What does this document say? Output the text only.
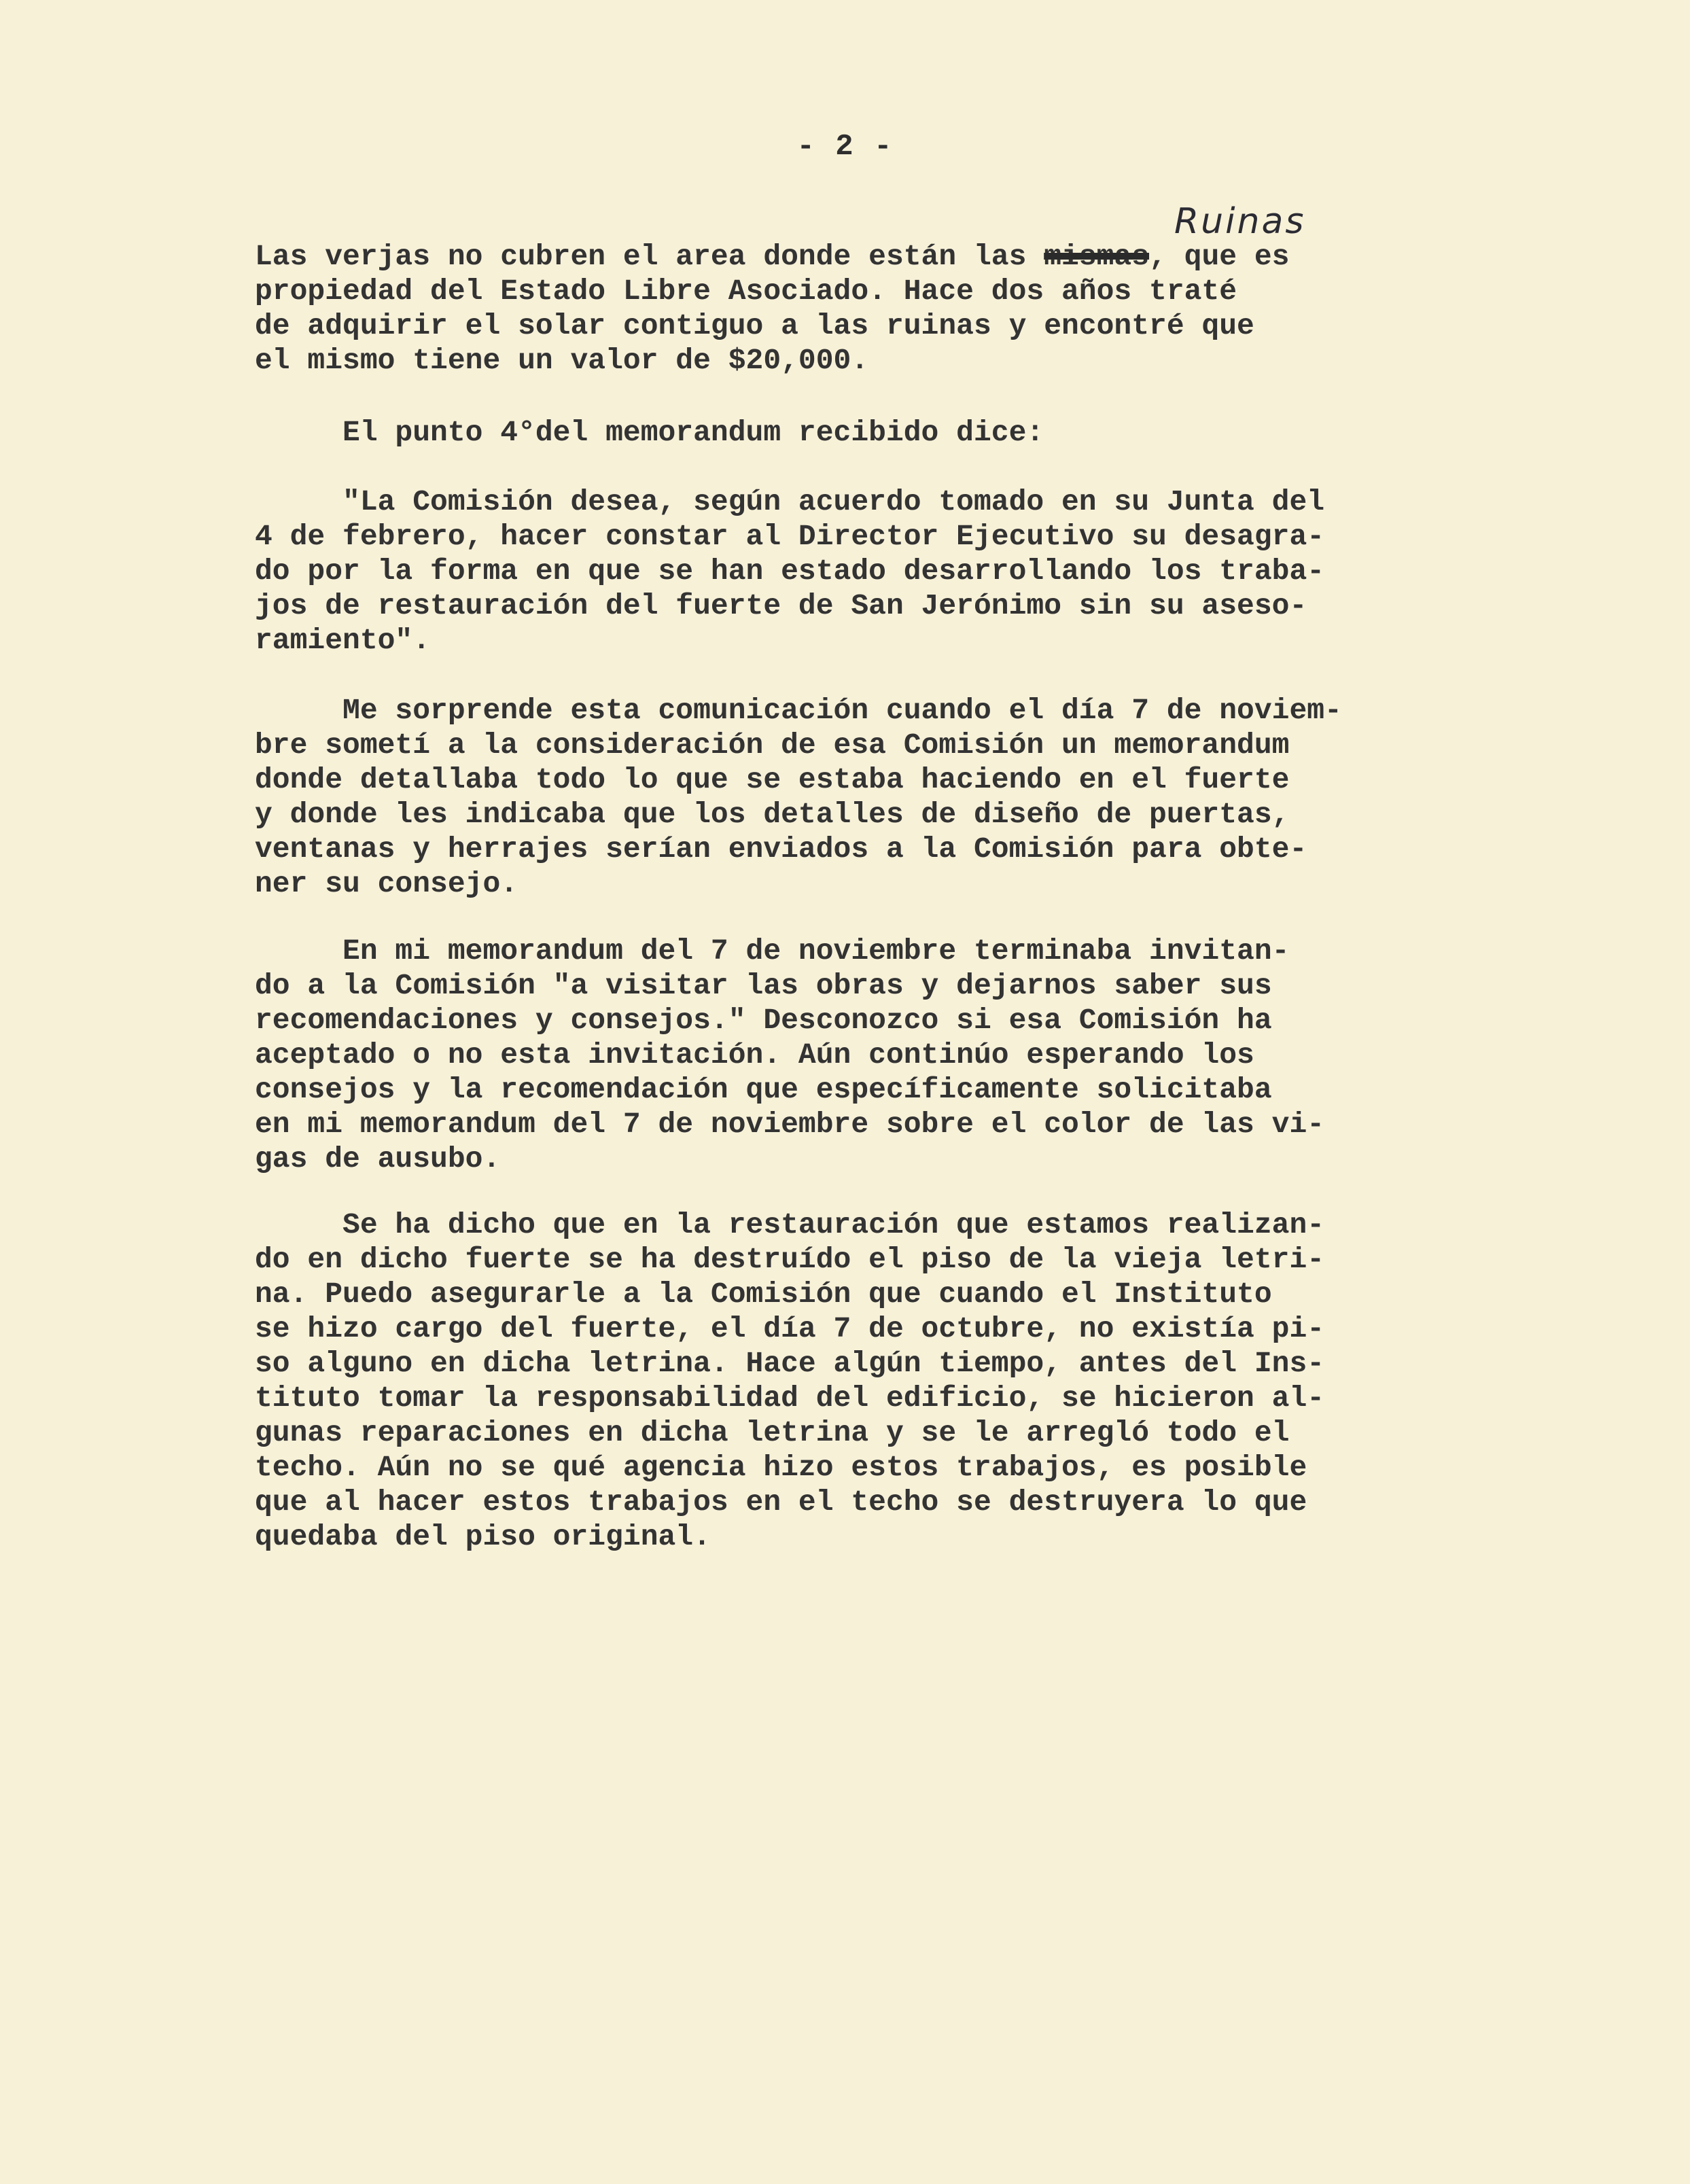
- 2 -
Ruinas
Las verjas no cubren el area donde están las mismas, que es
propiedad del Estado Libre Asociado. Hace dos años traté
de adquirir el solar contiguo a las ruinas y encontré que
el mismo tiene un valor de $20,000.
El punto 4°del memorandum recibido dice:
"La Comisión desea, según acuerdo tomado en su Junta del
4 de febrero, hacer constar al Director Ejecutivo su desagra-
do por la forma en que se han estado desarrollando los traba-
jos de restauración del fuerte de San Jerónimo sin su aseso-
ramiento".
Me sorprende esta comunicación cuando el día 7 de noviem-
bre sometí a la consideración de esa Comisión un memorandum
donde detallaba todo lo que se estaba haciendo en el fuerte
y donde les indicaba que los detalles de diseño de puertas,
ventanas y herrajes serían enviados a la Comisión para obte-
ner su consejo.
En mi memorandum del 7 de noviembre terminaba invitan-
do a la Comisión "a visitar las obras y dejarnos saber sus
recomendaciones y consejos." Desconozco si esa Comisión ha
aceptado o no esta invitación. Aún continúo esperando los
consejos y la recomendación que específicamente solicitaba
en mi memorandum del 7 de noviembre sobre el color de las vi-
gas de ausubo.
Se ha dicho que en la restauración que estamos realizan-
do en dicho fuerte se ha destruído el piso de la vieja letri-
na. Puedo asegurarle a la Comisión que cuando el Instituto
se hizo cargo del fuerte, el día 7 de octubre, no existía pi-
so alguno en dicha letrina. Hace algún tiempo, antes del Ins-
tituto tomar la responsabilidad del edificio, se hicieron al-
gunas reparaciones en dicha letrina y se le arregló todo el
techo. Aún no se qué agencia hizo estos trabajos, es posible
que al hacer estos trabajos en el techo se destruyera lo que
quedaba del piso original.
